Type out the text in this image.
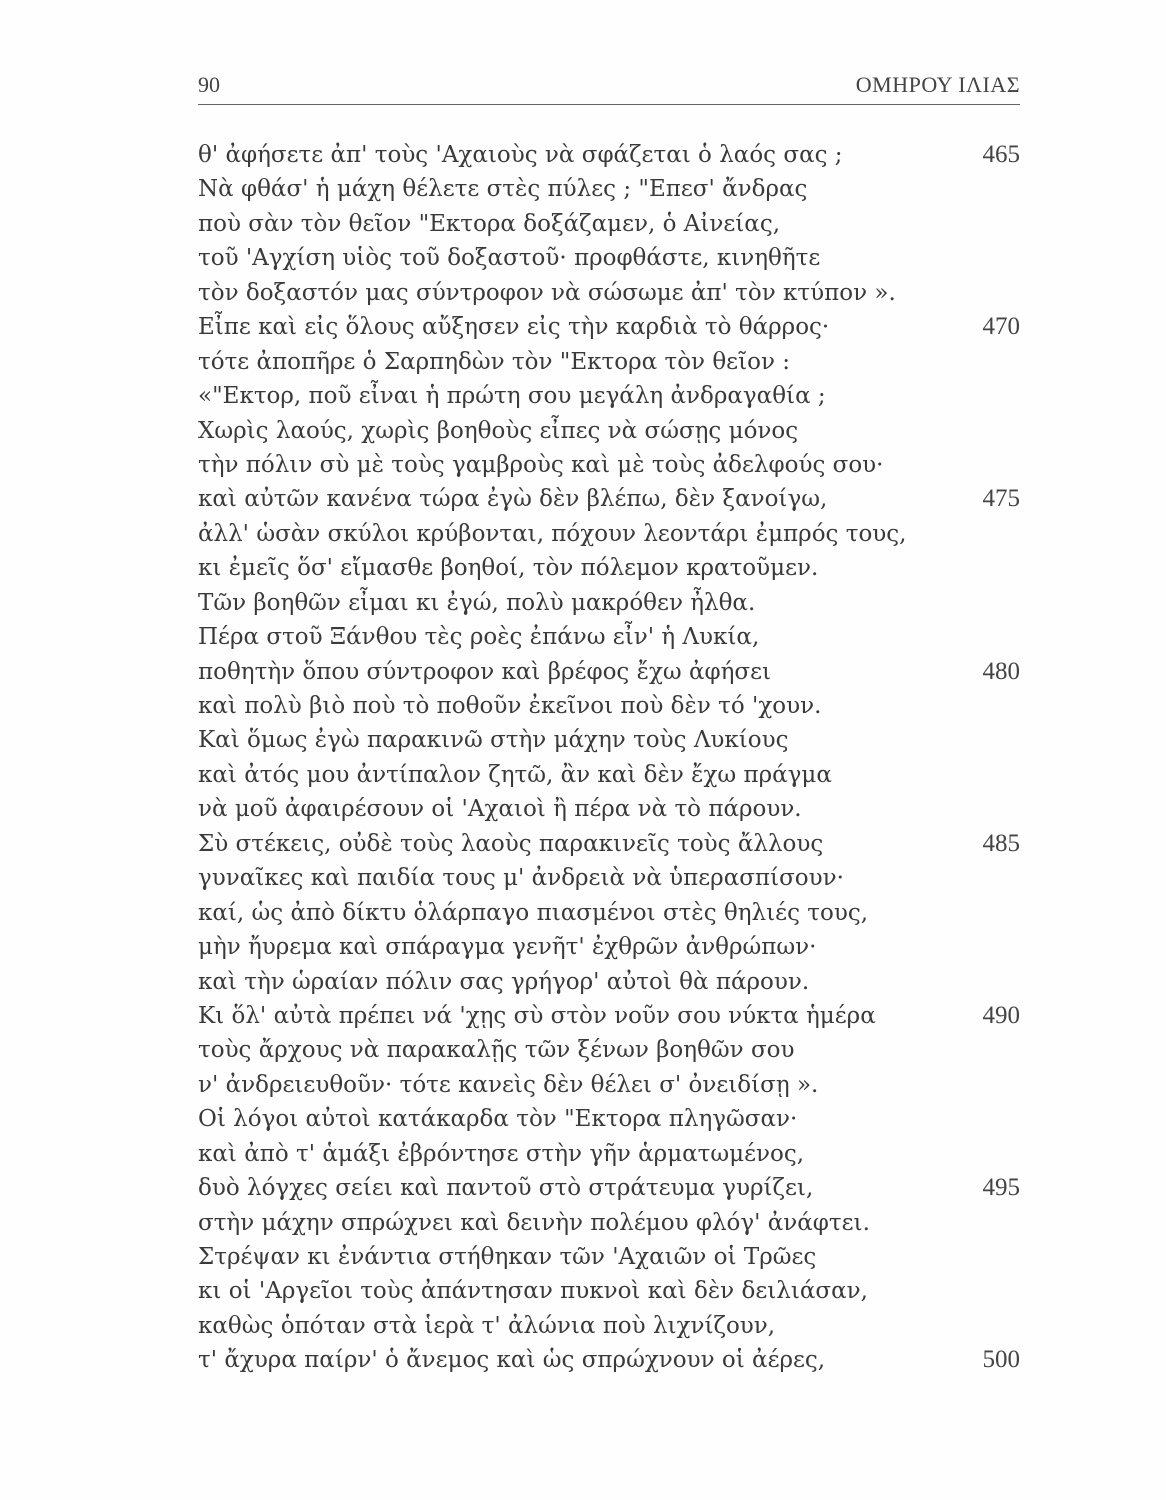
90	ΟΜΗΡΟΥ ΙΛΙΑΣ
θ' ἀφήσετε ἀπ' τοὺς 'Αχαιοὺς νὰ σφάζεται ὁ λαός σας ;	465
Νὰ φθάσ' ἡ μάχη θέλετε στὲς πύλες ; "Επεσ' ἄνδρας
ποὺ σὰν τὸν θεῖον "Εκτορα δοξάζαμεν, ὁ Αἰνείας,
τοῦ 'Αγχίση υἱὸς τοῦ δοξαστοῦ· προφθάστε, κινηθῆτε
τὸν δοξαστόν μας σύντροφον νὰ σώσωμε ἀπ' τὸν κτύπον ».
Εἶπε καὶ εἰς ὅλους αὔξησεν εἰς τὴν καρδιὰ τὸ θάρρος·	470
τότε ἀποπῆρε ὁ Σαρπηδὼν τὸν "Εκτορα τὸν θεῖον :
«"Εκτορ, ποῦ εἶναι ἡ πρώτη σου μεγάλη ἀνδραγαθία ;
Χωρὶς λαούς, χωρὶς βοηθοὺς εἶπες νὰ σώσῃς μόνος
τὴν πόλιν σὺ μὲ τοὺς γαμβροὺς καὶ μὲ τοὺς ἀδελφούς σου·
καὶ αὐτῶν κανένα τώρα ἐγὼ δὲν βλέπω, δὲν ξανοίγω,	475
ἀλλ' ὡσὰν σκύλοι κρύβονται, πόχουν λεοντάρι ἐμπρός τους,
κι ἐμεῖς ὅσ' εἴμασθε βοηθοί, τὸν πόλεμον κρατοῦμεν.
Τῶν βοηθῶν εἶμαι κι ἐγώ, πολὺ μακρόθεν ἦλθα.
Πέρα στοῦ Ξάνθου τὲς ροὲς ἐπάνω εἶν' ἡ Λυκία,
ποθητὴν ὅπου σύντροφον καὶ βρέφος ἔχω ἀφήσει	480
καὶ πολὺ βιὸ ποὺ τὸ ποθοῦν ἐκεῖνοι ποὺ δὲν τό 'χουν.
Καὶ ὅμως ἐγὼ παρακινῶ στὴν μάχην τοὺς Λυκίους
καὶ ἀτός μου ἀντίπαλον ζητῶ, ἂν καὶ δὲν ἔχω πράγμα
νὰ μοῦ ἀφαιρέσουν οἱ 'Αχαιοὶ ἢ πέρα νὰ τὸ πάρουν.
Σὺ στέκεις, οὐδὲ τοὺς λαοὺς παρακινεῖς τοὺς ἄλλους	485
γυναῖκες καὶ παιδία τους μ' ἀνδρειὰ νὰ ὑπερασπίσουν·
καί, ὡς ἀπὸ δίκτυ ὁλάρπαγο πιασμένοι στὲς θηλιές τους,
μὴν ἤυρεμα καὶ σπάραγμα γενῆτ' ἐχθρῶν ἀνθρώπων·
καὶ τὴν ὡραίαν πόλιν σας γρήγορ' αὐτοὶ θὰ πάρουν.
Κι ὅλ' αὐτὰ πρέπει νά 'χῃς σὺ στὸν νοῦν σου νύκτα ἡμέρα	490
τοὺς ἄρχους νὰ παρακαλῇς τῶν ξένων βοηθῶν σου
ν' ἀνδρειευθοῦν· τότε κανεὶς δὲν θέλει σ' ὀνειδίσῃ ».
Οἱ λόγοι αὐτοὶ κατάκαρδα τὸν "Εκτορα πληγῶσαν·
καὶ ἀπὸ τ' ἁμάξι ἐβρόντησε στὴν γῆν ἁρματωμένος,
δυὸ λόγχες σείει καὶ παντοῦ στὸ στράτευμα γυρίζει,	495
στὴν μάχην σπρώχνει καὶ δεινὴν πολέμου φλόγ' ἀνάφτει.
Στρέψαν κι ἐνάντια στήθηκαν τῶν 'Αχαιῶν οἱ Τρῶες
κι οἱ 'Αργεῖοι τοὺς ἀπάντησαν πυκνοὶ καὶ δὲν δειλιάσαν,
καθὼς ὁπόταν στὰ ἱερὰ τ' ἀλώνια ποὺ λιχνίζουν,
τ' ἄχυρα παίρν' ὁ ἄνεμος καὶ ὡς σπρώχνουν οἱ ἀέρες,	500
